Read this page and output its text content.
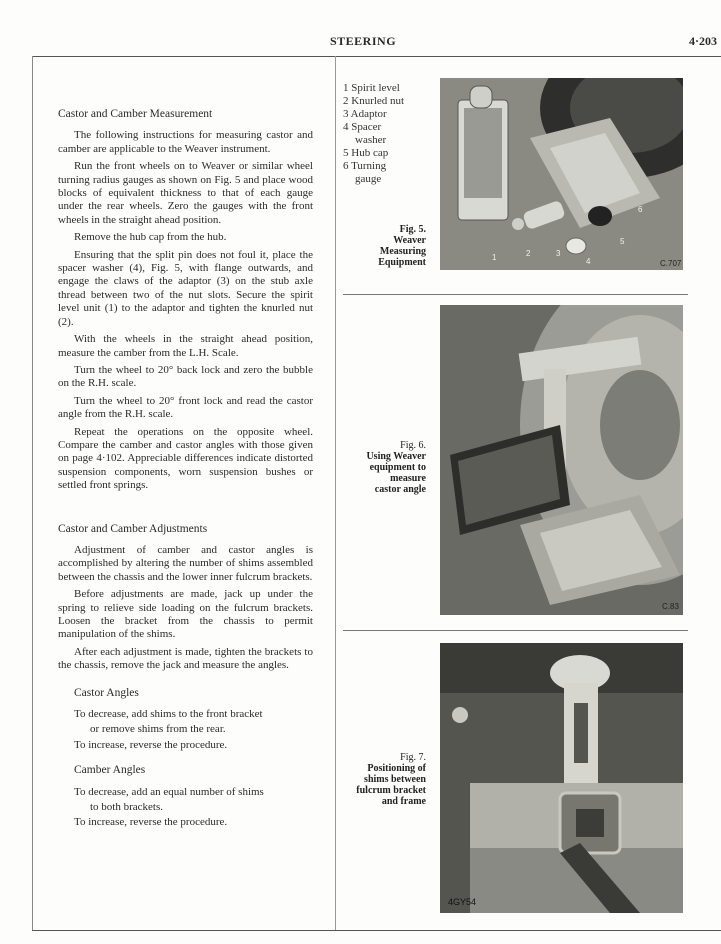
STEERING	4·203
Castor and Camber Measurement

The following instructions for measuring castor and camber are applicable to the Weaver instrument.

Run the front wheels on to Weaver or similar wheel turning radius gauges as shown on Fig. 5 and place wood blocks of equivalent thickness to that of each gauge under the rear wheels. Zero the gauges with the front wheels in the straight ahead position.

Remove the hub cap from the hub.

Ensuring that the split pin does not foul it, place the spacer washer (4), Fig. 5, with flange outwards, and engage the claws of the adaptor (3) on the stub axle thread between two of the nut slots. Secure the spirit level unit (1) to the adaptor and tighten the knurled nut (2).

With the wheels in the straight ahead position, measure the camber from the L.H. Scale.

Turn the wheel to 20° back lock and zero the bubble on the R.H. scale.

Turn the wheel to 20° front lock and read the castor angle from the R.H. scale.

Repeat the operations on the opposite wheel. Compare the camber and castor angles with those given on page 4·102. Appreciable differences indicate distorted suspension components, worn suspension bushes or settled front springs.

Castor and Camber Adjustments

Adjustment of camber and castor angles is accomplished by altering the number of shims assembled between the chassis and the lower inner fulcrum brackets.

Before adjustments are made, jack up under the spring to relieve side loading on the fulcrum brackets. Loosen the bracket from the chassis to permit manipulation of the shims.

After each adjustment is made, tighten the brackets to the chassis, remove the jack and measure the angles.

Castor Angles

To decrease, add shims to the front bracket

or remove shims from the rear.

To increase, reverse the procedure.

Camber Angles

To decrease, add an equal number of shims

to both brackets.

To increase, reverse the procedure.

1 Spirit level
2 Knurled nut
3 Adaptor
4 Spacer
washer
5 Hub cap
6 Turning
gauge
Fig. 5.
Weaver
Measuring
Equipment	1	2	3
4
5
6
C.707
Fig. 6.
Using Weaver
equipment to
measure
castor angle
C.83
Fig. 7.
Positioning of
shims between
fulcrum bracket
and frame
4GY54
